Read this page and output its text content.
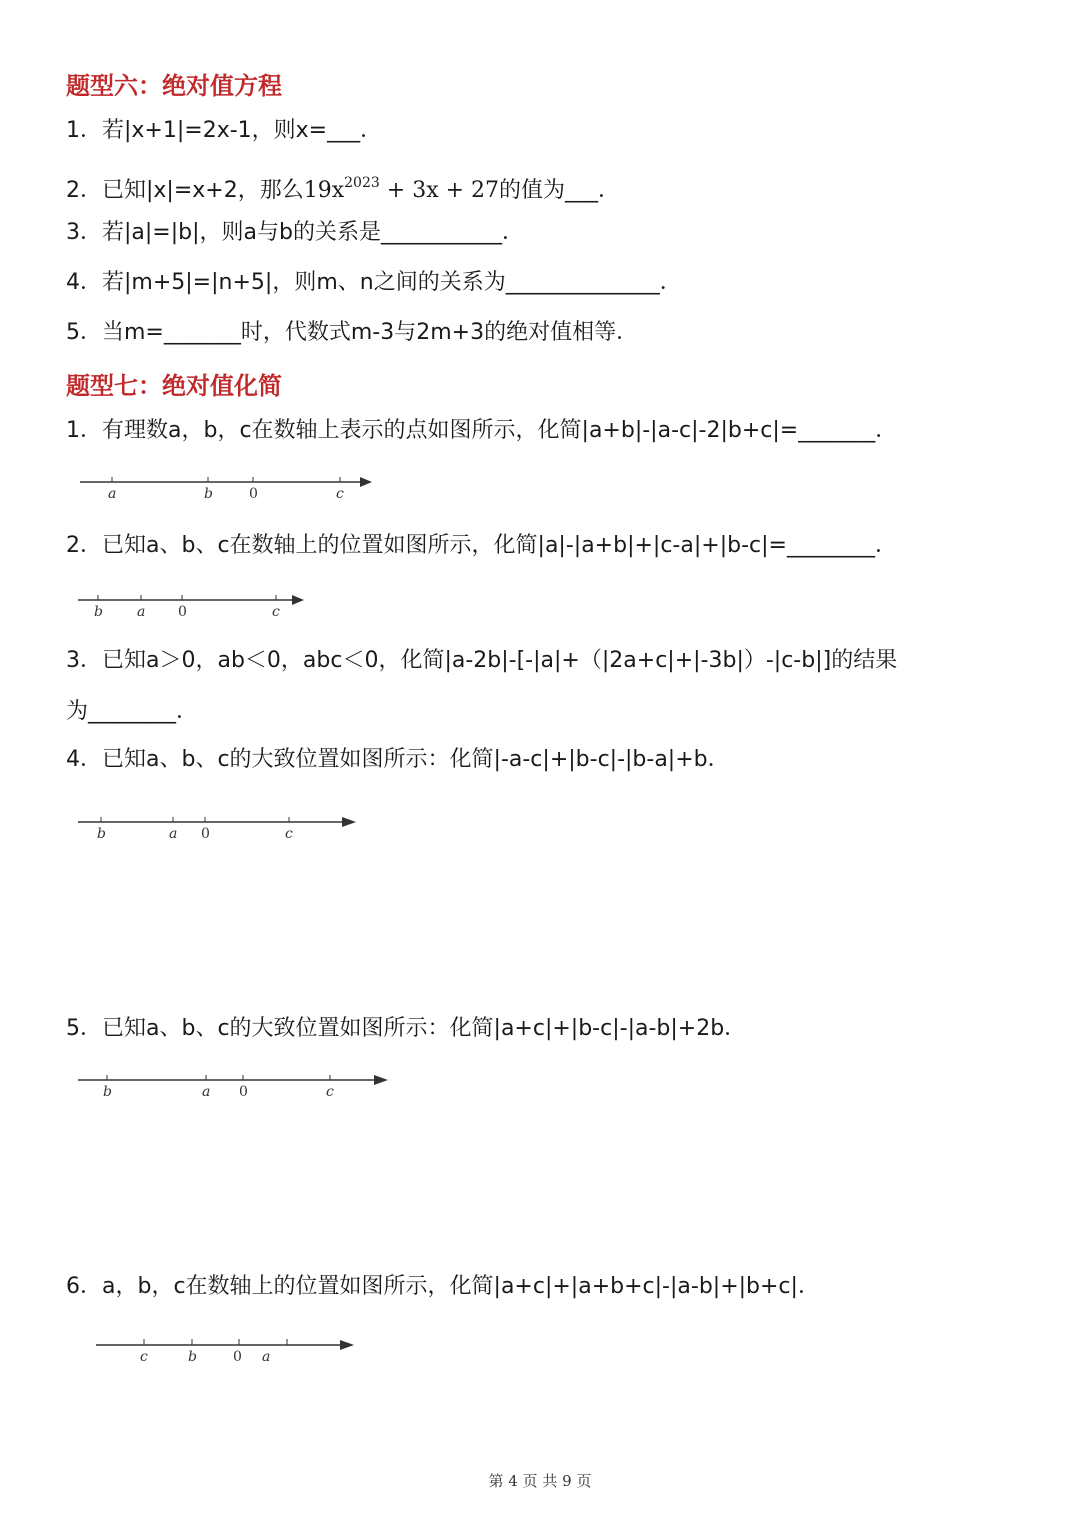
题型六：绝对值方程
1．若|x+1|=2x-1，则x=___．
2．已知|x|=x+2，那么$19x^{2023} + 3x + 27$的值为___．
3．若|a|=|b|，则a与b的关系是___________．
4．若|m+5|=|n+5|，则m、n之间的关系为______________．
5．当m=_______时，代数式m-3与2m+3的绝对值相等．
题型七：绝对值化简
1．有理数a，b，c在数轴上表示的点如图所示，化简|a+b|-|a-c|-2|b+c|=_______．
a	b	0	c
2．已知a、b、c在数轴上的位置如图所示，化简|a|-|a+b|+|c-a|+|b-c|=________．
b a 0	c
3．已知a＞0，ab＜0，abc＜0，化简|a-2b|-[-|a|+（|2a+c|+|-3b|）-|c-b|]的结果
为________．
4．已知a、b、c的大致位置如图所示：化简|-a-c|+|b-c|-|b-a|+b．
b	a 0	c
5．已知a、b、c的大致位置如图所示：化简|a+c|+|b-c|-|a-b|+2b．
b	a 0	c
6．a，b，c在数轴上的位置如图所示，化简|a+c|+|a+b+c|-|a-b|+|b+c|．
c	b	0 a
第 4 页 共 9 页
